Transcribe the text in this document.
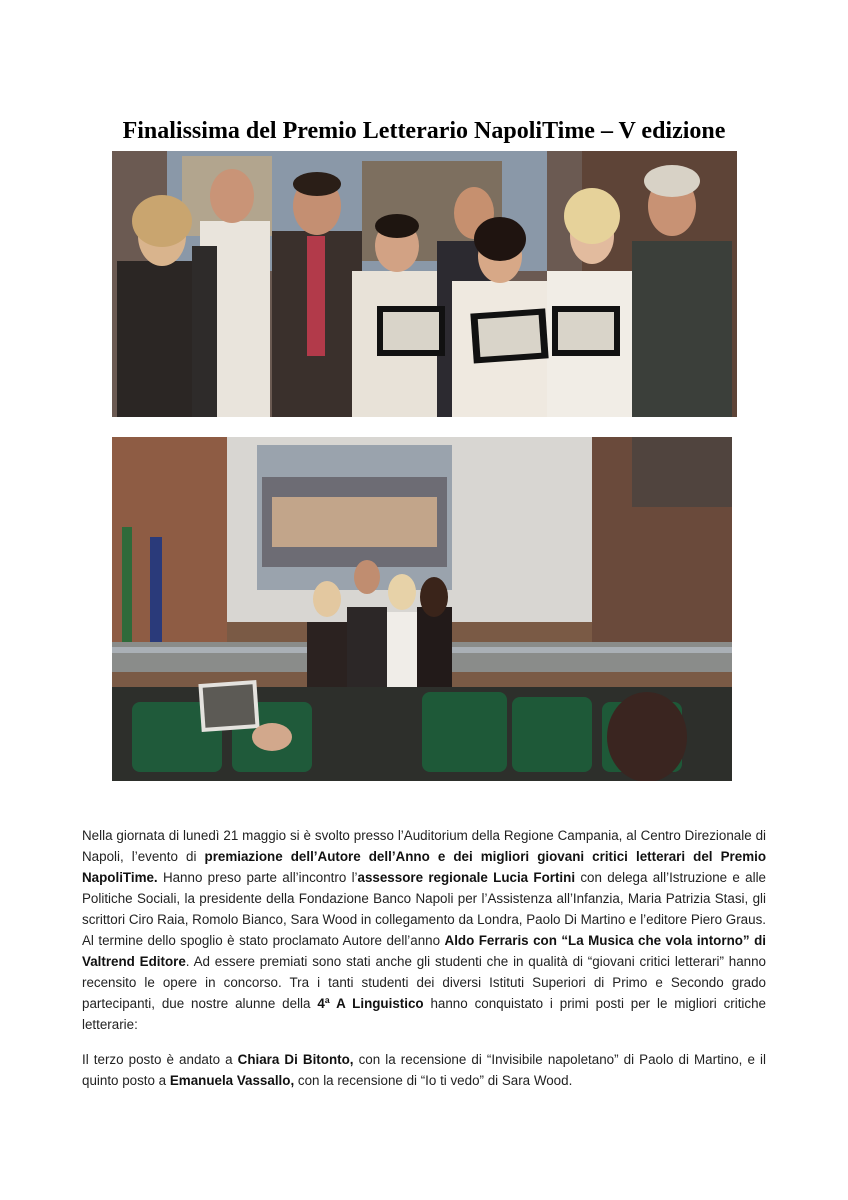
Finalissima del Premio Letterario NapoliTime – V edizione

Nella giornata di lunedì 21 maggio si è svolto presso l’Auditorium della Regione Campania, al Centro Direzionale di Napoli, l’evento di premiazione dell’Autore dell’Anno e dei migliori giovani critici letterari del Premio NapoliTime. Hanno preso parte all’incontro l’assessore regionale Lucia Fortini con delega all’Istruzione e alle Politiche Sociali, la presidente della Fondazione Banco Napoli per l’Assistenza all’Infanzia, Maria Patrizia Stasi, gli scrittori Ciro Raia, Romolo Bianco, Sara Wood in collegamento da Londra, Paolo Di Martino e l’editore Piero Graus. Al termine dello spoglio è stato proclamato Autore dell’anno Aldo Ferraris con “La Musica che vola intorno” di Valtrend Editore. Ad essere premiati sono stati anche gli studenti che in qualità di “giovani critici letterari” hanno recensito le opere in concorso. Tra i tanti studenti dei diversi Istituti Superiori di Primo e Secondo grado partecipanti, due nostre alunne della 4ª A Linguistico hanno conquistato i primi posti per le migliori critiche letterarie:

Il terzo posto è andato a Chiara Di Bitonto, con la recensione di “Invisibile napoletano” di Paolo di Martino, e il quinto posto a Emanuela Vassallo, con la recensione di “Io ti vedo” di Sara Wood.
